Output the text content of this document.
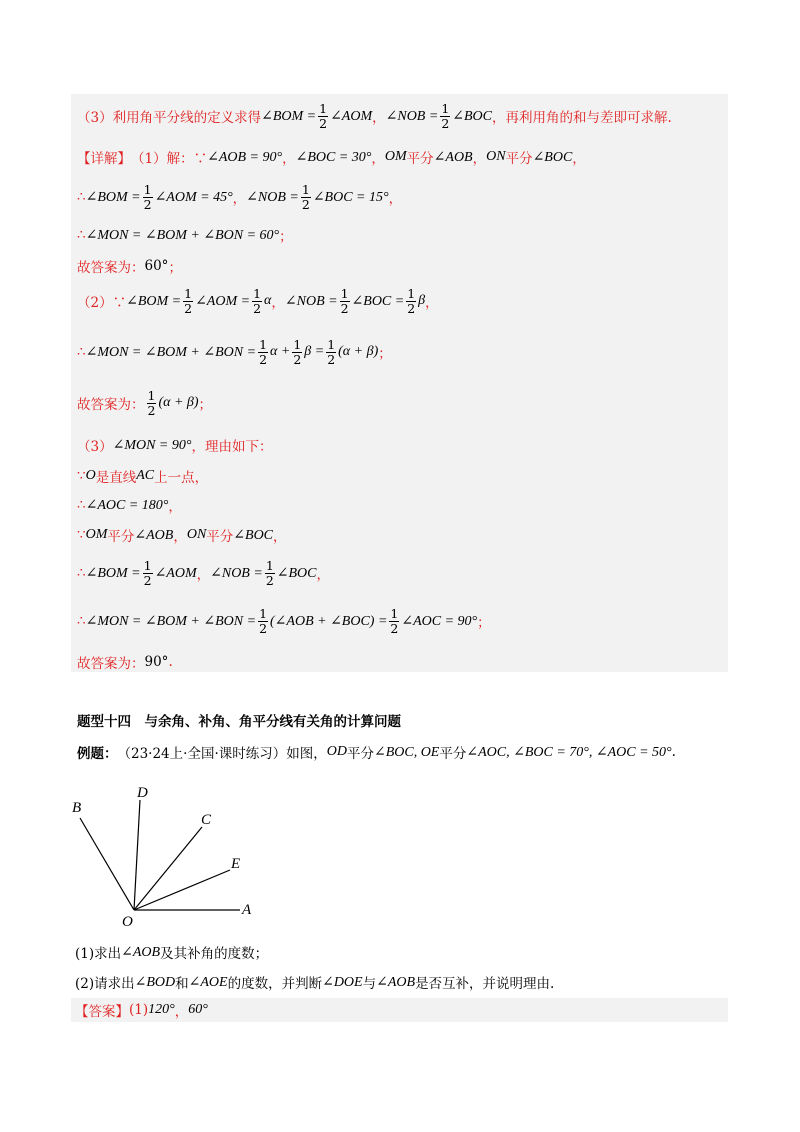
（3）利用角平分线的定义求得 ∠BOM = $\frac{1}{2}$ ∠AOM ， ∠NOB = $\frac{1}{2}$ ∠BOC ，再利用角的和与差即可求解.
【详解】 （1）解：∵ ∠AOB = 90° ， ∠BOC = 30° ， OM 平分 ∠AOB ， ON 平分 ∠BOC ，
∴ ∠BOM = $\frac{1}{2}$ ∠AOM = 45° ， ∠NOB = $\frac{1}{2}$ ∠BOC = 15° ，
∴ ∠MON = ∠BOM + ∠BON = 60° ；
故答案为： 60° ；
（2）∵ ∠BOM = $\frac{1}{2}$ ∠AOM = $\frac{1}{2}$ α ， ∠NOB = $\frac{1}{2}$ ∠BOC = $\frac{1}{2}$ β ，
∴ ∠MON = ∠BOM + ∠BON = $\frac{1}{2}$ $\alpha + \frac{1}{2}$ $\beta = \frac{1}{2} (\alpha + \beta)$ ；
故答案为： $\frac{1}{2} (\alpha + \beta)$ ；
（3） ∠MON = 90° ，理由如下：
∵ O 是直线 AC 上一点，
∴ ∠AOC = 180° ，
∵ OM 平分 ∠AOB ， ON 平分 ∠BOC ，
∴ ∠BOM = $\frac{1}{2}$ ∠AOM ， ∠NOB = $\frac{1}{2}$ ∠BOC ，
∴ ∠MON = ∠BOM + ∠BON = $\frac{1}{2}$ (∠AOB + ∠BOC) = $\frac{1}{2}$ ∠AOC = 90° ；
故答案为： 90° .
题型十四　与余角、补角、角平分线有关角的计算问题
例题： （23·24上·全国·课时练习）如图， OD 平分 ∠BOC, OE 平分 ∠AOC, ∠BOC = 70°, ∠AOC = 50° .
A
B
C
D
E
O
(1)求出 ∠AOB 及其补角的度数；
(2)请求出 ∠BOD 和 ∠AOE 的度数，并判断 ∠DOE 与 ∠AOB 是否互补，并说明理由.
【答案】 (1) 120° ， 60°
